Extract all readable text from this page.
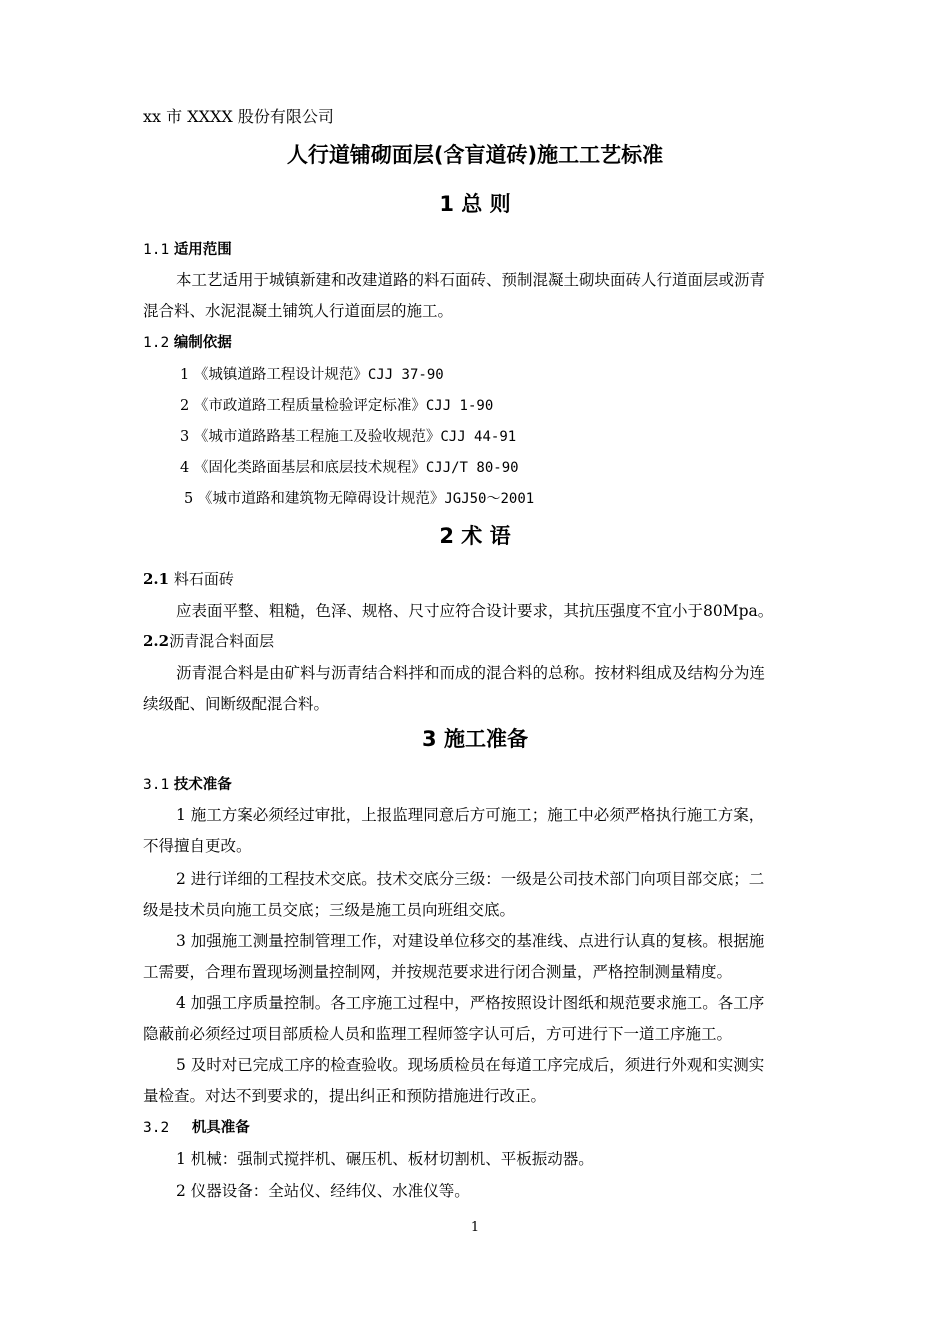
xx 市 XXXX 股份有限公司
人行道铺砌面层(含盲道砖)施工工艺标准
1 总 则
1.1 适用范围
本工艺适用于城镇新建和改建道路的料石面砖、预制混凝土砌块面砖人行道面层或沥青
混合料、水泥混凝土铺筑人行道面层的施工。
1.2 编制依据
1 《城镇道路工程设计规范》CJJ 37-90
2 《市政道路工程质量检验评定标准》CJJ 1-90
3 《城市道路路基工程施工及验收规范》CJJ 44-91
4 《固化类路面基层和底层技术规程》CJJ/T 80-90
5 《城市道路和建筑物无障碍设计规范》JGJ50～2001
2 术 语
2.1 料石面砖
应表面平整、粗糙，色泽、规格、尺寸应符合设计要求，其抗压强度不宜小于80Mpa。
2.2沥青混合料面层
沥青混合料是由矿料与沥青结合料拌和而成的混合料的总称。按材料组成及结构分为连
续级配、间断级配混合料。
3 施工准备
3.1 技术准备
1 施工方案必须经过审批，上报监理同意后方可施工；施工中必须严格执行施工方案，
不得擅自更改。
2 进行详细的工程技术交底。技术交底分三级：一级是公司技术部门向项目部交底；二
级是技术员向施工员交底；三级是施工员向班组交底。
3 加强施工测量控制管理工作，对建设单位移交的基准线、点进行认真的复核。根据施
工需要，合理布置现场测量控制网，并按规范要求进行闭合测量，严格控制测量精度。
4 加强工序质量控制。各工序施工过程中，严格按照设计图纸和规范要求施工。各工序
隐蔽前必须经过项目部质检人员和监理工程师签字认可后，方可进行下一道工序施工。
5 及时对已完成工序的检查验收。现场质检员在每道工序完成后，须进行外观和实测实
量检查。对达不到要求的，提出纠正和预防措施进行改正。
3.2 机具准备
1 机械：强制式搅拌机、碾压机、板材切割机、平板振动器。
2 仪器设备：全站仪、经纬仪、水准仪等。
1
